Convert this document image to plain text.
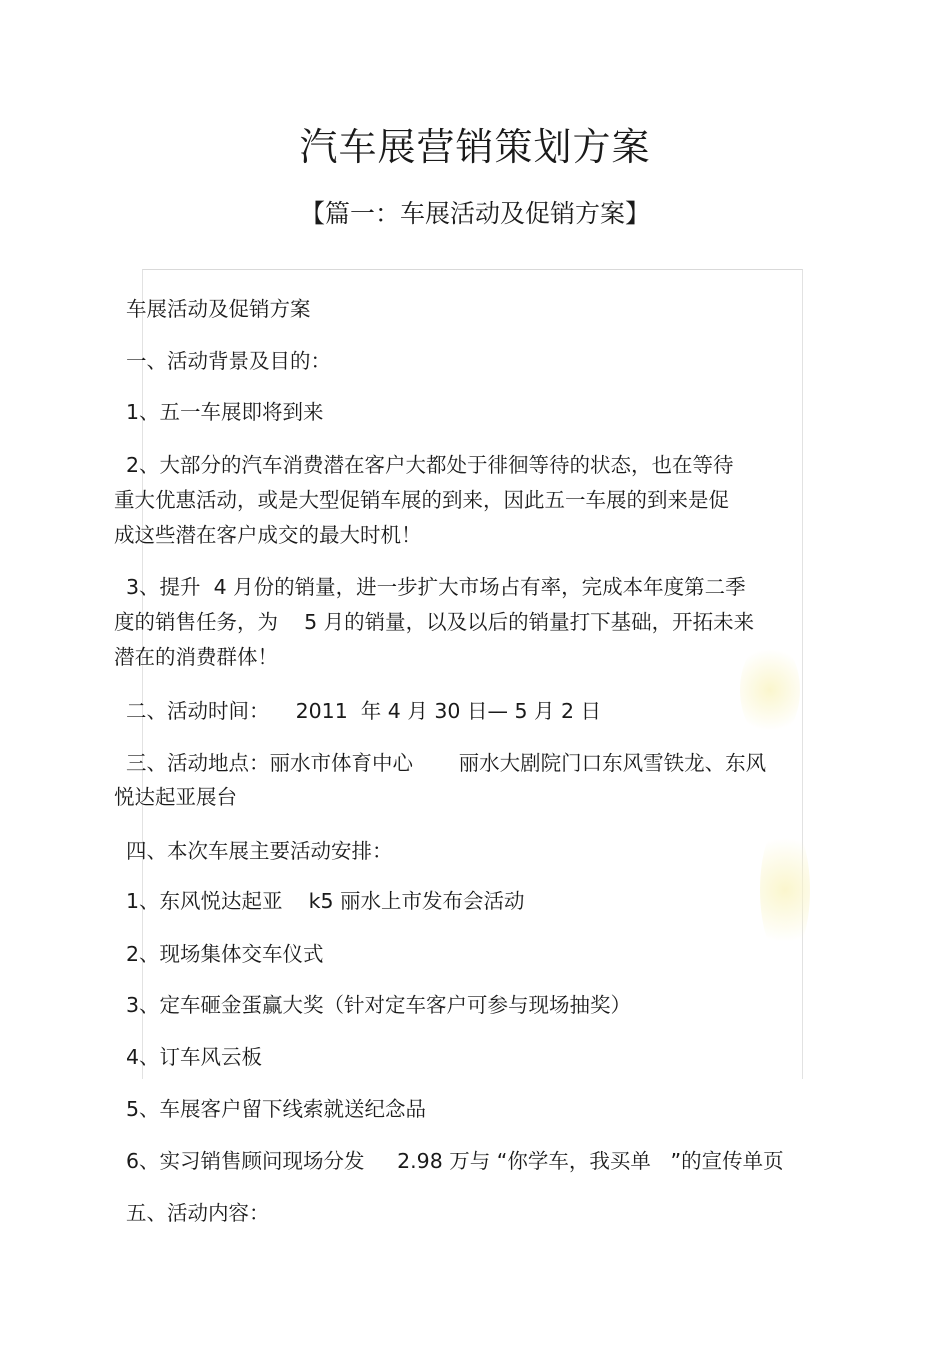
汽车展营销策划方案
【篇一：车展活动及促销方案】
车展活动及促销方案
一、活动背景及目的：
1、五一车展即将到来
2、大部分的汽车消费潜在客户大都处于徘徊等待的状态，也在等待
重大优惠活动，或是大型促销车展的到来，因此五一车展的到来是促
成这些潜在客户成交的最大时机！
3、提升  4 月份的销量，进一步扩大市场占有率，完成本年度第二季
度的销售任务，为    5 月的销量，以及以后的销量打下基础，开拓未来
潜在的消费群体！
二、活动时间：    2011  年 4 月 30 日— 5 月 2 日
三、活动地点：丽水市体育中心       丽水大剧院门口东风雪铁龙、东风
悦达起亚展台
四、本次车展主要活动安排：
1、东风悦达起亚    k5 丽水上市发布会活动
2、现场集体交车仪式
3、定车砸金蛋赢大奖（针对定车客户可参与现场抽奖）
4、订车风云板
5、车展客户留下线索就送纪念品
6、实习销售顾问现场分发     2.98 万与 “你学车，我买单   ”的宣传单页
五、活动内容：
